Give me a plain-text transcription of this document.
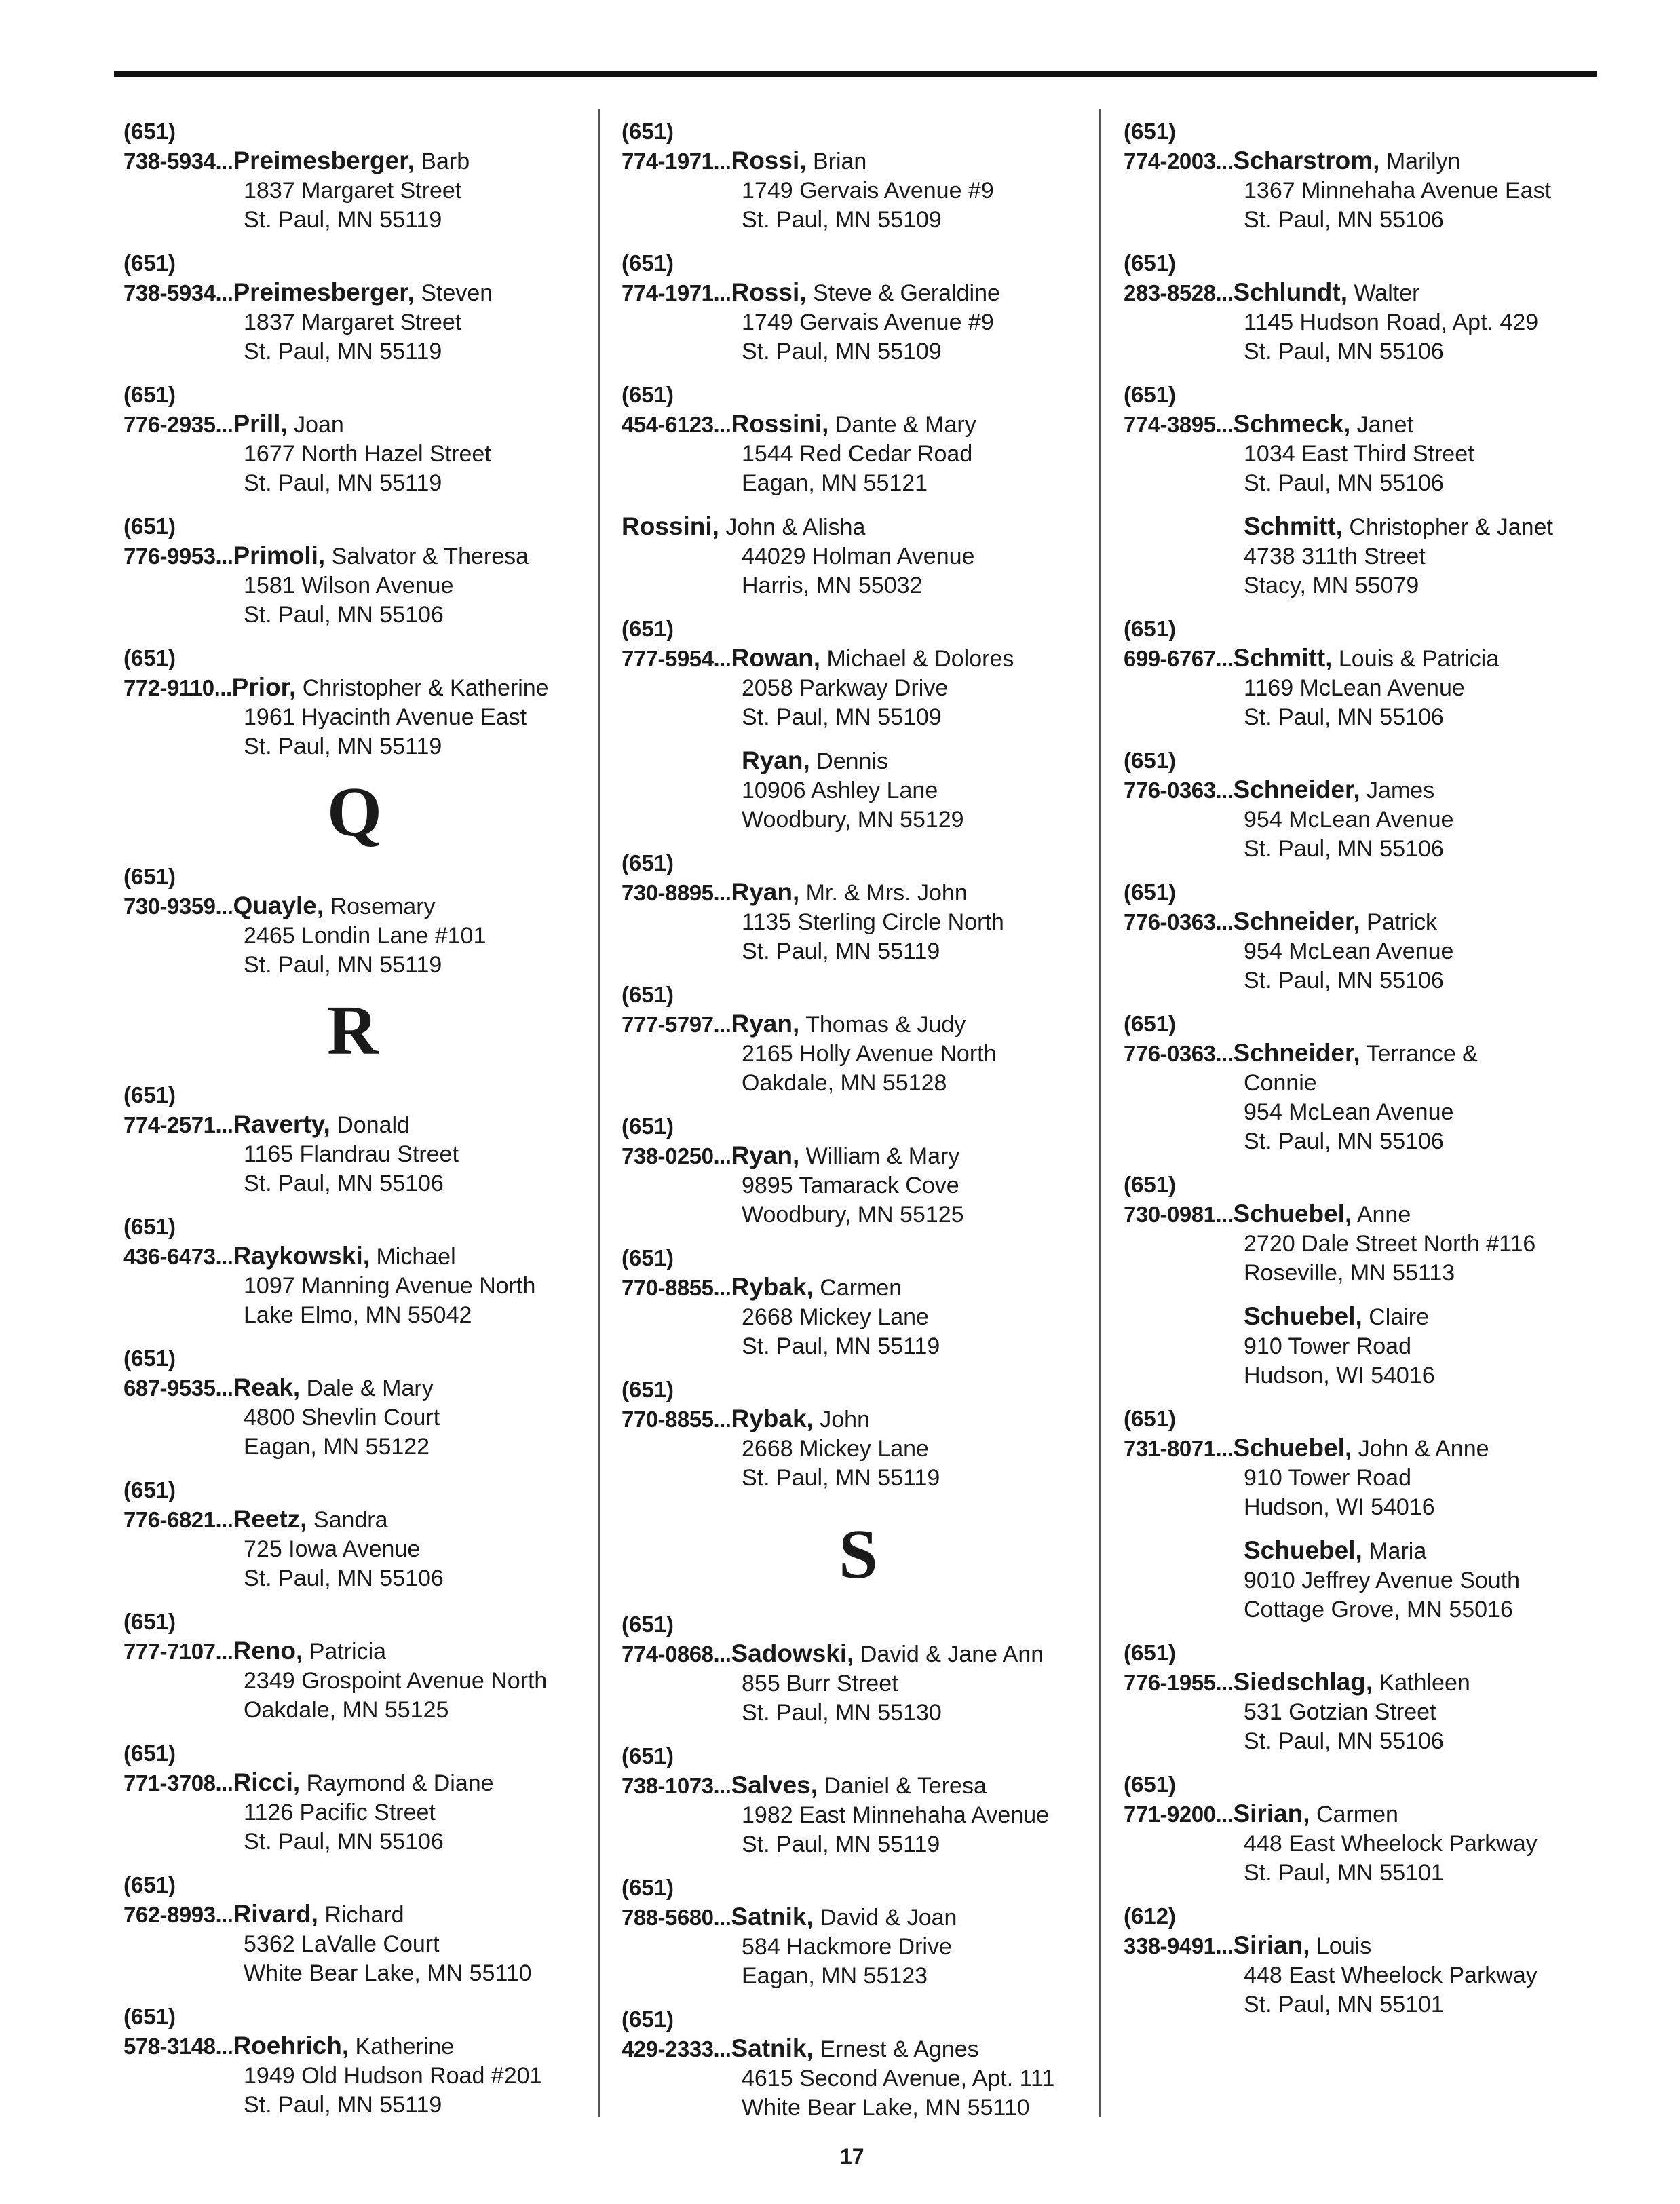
(651)
738-5934...Preimesberger, Barb
1837 Margaret Street
St. Paul, MN 55119
(651)
738-5934...Preimesberger, Steven
1837 Margaret Street
St. Paul, MN 55119
(651)
776-2935...Prill, Joan
1677 North Hazel Street
St. Paul, MN 55119
(651)
776-9953...Primoli, Salvator & Theresa
1581 Wilson Avenue
St. Paul, MN 55106
(651)
772-9110...Prior, Christopher & Katherine
1961 Hyacinth Avenue East
St. Paul, MN 55119
Q
(651)
730-9359...Quayle, Rosemary
2465 Londin Lane #101
St. Paul, MN 55119
R
(651)
774-2571...Raverty, Donald
1165 Flandrau Street
St. Paul, MN 55106
(651)
436-6473...Raykowski, Michael
1097 Manning Avenue North
Lake Elmo, MN 55042
(651)
687-9535...Reak, Dale & Mary
4800 Shevlin Court
Eagan, MN 55122
(651)
776-6821...Reetz, Sandra
725 Iowa Avenue
St. Paul, MN 55106
(651)
777-7107...Reno, Patricia
2349 Grospoint Avenue North
Oakdale, MN 55125
(651)
771-3708...Ricci, Raymond & Diane
1126 Pacific Street
St. Paul, MN 55106
(651)
762-8993...Rivard, Richard
5362 LaValle Court
White Bear Lake, MN 55110
(651)
578-3148...Roehrich, Katherine
1949 Old Hudson Road #201
St. Paul, MN 55119
(651)
774-1971...Rossi, Brian
1749 Gervais Avenue #9
St. Paul, MN 55109
(651)
774-1971...Rossi, Steve & Geraldine
1749 Gervais Avenue #9
St. Paul, MN 55109
(651)
454-6123...Rossini, Dante & Mary
1544 Red Cedar Road
Eagan, MN 55121
Rossini, John & Alisha
44029 Holman Avenue
Harris, MN 55032
(651)
777-5954...Rowan, Michael & Dolores
2058 Parkway Drive
St. Paul, MN 55109
Ryan, Dennis
10906 Ashley Lane
Woodbury, MN 55129
(651)
730-8895...Ryan, Mr. & Mrs. John
1135 Sterling Circle North
St. Paul, MN 55119
(651)
777-5797...Ryan, Thomas & Judy
2165 Holly Avenue North
Oakdale, MN 55128
(651)
738-0250...Ryan, William & Mary
9895 Tamarack Cove
Woodbury, MN 55125
(651)
770-8855...Rybak, Carmen
2668 Mickey Lane
St. Paul, MN 55119
(651)
770-8855...Rybak, John
2668 Mickey Lane
St. Paul, MN 55119
S
(651)
774-0868...Sadowski, David & Jane Ann
855 Burr Street
St. Paul, MN 55130
(651)
738-1073...Salves, Daniel & Teresa
1982 East Minnehaha Avenue
St. Paul, MN 55119
(651)
788-5680...Satnik, David & Joan
584 Hackmore Drive
Eagan, MN 55123
(651)
429-2333...Satnik, Ernest & Agnes
4615 Second Avenue, Apt. 111
White Bear Lake, MN 55110
(651)
774-2003...Scharstrom, Marilyn
1367 Minnehaha Avenue East
St. Paul, MN 55106
(651)
283-8528...Schlundt, Walter
1145 Hudson Road, Apt. 429
St. Paul, MN 55106
(651)
774-3895...Schmeck, Janet
1034 East Third Street
St. Paul, MN 55106
Schmitt, Christopher & Janet
4738 311th Street
Stacy, MN 55079
(651)
699-6767...Schmitt, Louis & Patricia
1169 McLean Avenue
St. Paul, MN 55106
(651)
776-0363...Schneider, James
954 McLean Avenue
St. Paul, MN 55106
(651)
776-0363...Schneider, Patrick
954 McLean Avenue
St. Paul, MN 55106
(651)
776-0363...Schneider, Terrance &
Connie
954 McLean Avenue
St. Paul, MN 55106
(651)
730-0981...Schuebel, Anne
2720 Dale Street North #116
Roseville, MN 55113
Schuebel, Claire
910 Tower Road
Hudson, WI 54016
(651)
731-8071...Schuebel, John & Anne
910 Tower Road
Hudson, WI 54016
Schuebel, Maria
9010 Jeffrey Avenue South
Cottage Grove, MN 55016
(651)
776-1955...Siedschlag, Kathleen
531 Gotzian Street
St. Paul, MN 55106
(651)
771-9200...Sirian, Carmen
448 East Wheelock Parkway
St. Paul, MN 55101
(612)
338-9491...Sirian, Louis
448 East Wheelock Parkway
St. Paul, MN 55101
17
